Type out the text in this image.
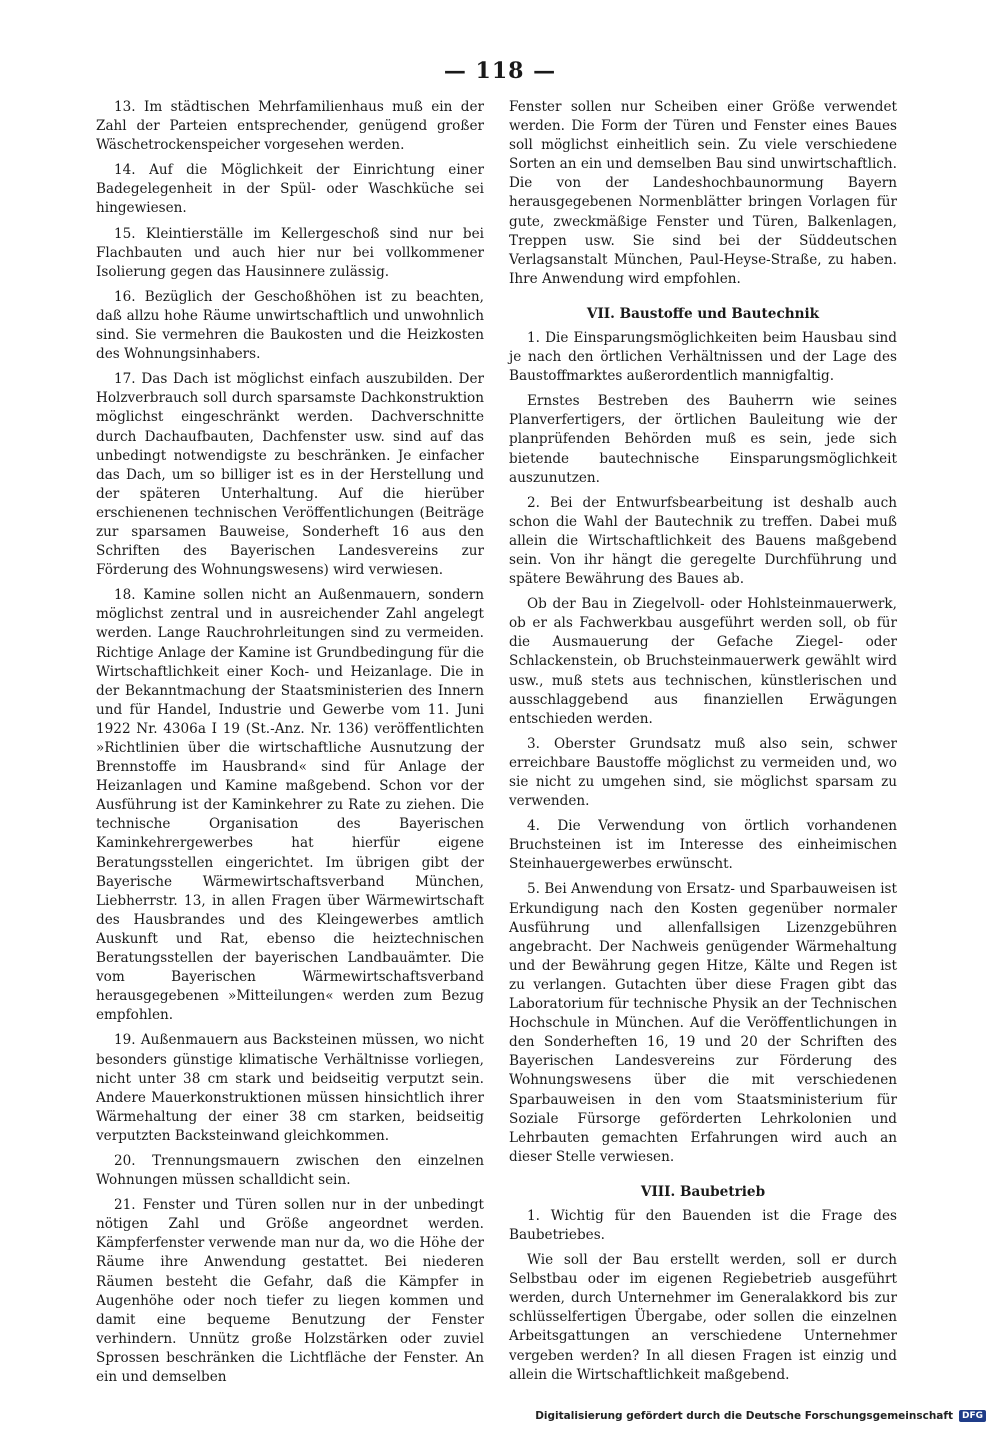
— 118 —

13. Im städtischen Mehrfamilienhaus muß ein der Zahl der Parteien entsprechender, genügend großer Wäschetrockenspeicher vorgesehen werden.

14. Auf die Möglichkeit der Einrichtung einer Badegelegenheit in der Spül- oder Waschküche sei hingewiesen.

15. Kleintierställe im Kellergeschoß sind nur bei Flachbauten und auch hier nur bei vollkommener Isolierung gegen das Hausinnere zulässig.

16. Bezüglich der Geschoßhöhen ist zu beachten, daß allzu hohe Räume unwirtschaftlich und unwohnlich sind. Sie vermehren die Baukosten und die Heizkosten des Wohnungsinhabers.

17. Das Dach ist möglichst einfach auszubilden. Der Holzverbrauch soll durch sparsamste Dachkonstruktion möglichst eingeschränkt werden. Dachverschnitte durch Dachaufbauten, Dachfenster usw. sind auf das unbedingt notwendigste zu beschränken. Je einfacher das Dach, um so billiger ist es in der Herstellung und der späteren Unterhaltung. Auf die hierüber erschienenen technischen Veröffentlichungen (Beiträge zur sparsamen Bauweise, Sonderheft 16 aus den Schriften des Bayerischen Landesvereins zur Förderung des Wohnungswesens) wird verwiesen.

18. Kamine sollen nicht an Außenmauern, sondern möglichst zentral und in ausreichender Zahl angelegt werden. Lange Rauchrohrleitungen sind zu vermeiden. Richtige Anlage der Kamine ist Grundbedingung für die Wirtschaftlichkeit einer Koch- und Heizanlage. Die in der Bekanntmachung der Staatsministerien des Innern und für Handel, Industrie und Gewerbe vom 11. Juni 1922 Nr. 4306a I 19 (St.-Anz. Nr. 136) veröffentlichten »Richtlinien über die wirtschaftliche Ausnutzung der Brennstoffe im Hausbrand« sind für Anlage der Heizanlagen und Kamine maßgebend. Schon vor der Ausführung ist der Kaminkehrer zu Rate zu ziehen. Die technische Organisation des Bayerischen Kaminkehrergewerbes hat hierfür eigene Beratungsstellen eingerichtet. Im übrigen gibt der Bayerische Wärmewirtschaftsverband München, Liebherrstr. 13, in allen Fragen über Wärmewirtschaft des Hausbrandes und des Kleingewerbes amtlich Auskunft und Rat, ebenso die heiztechnischen Beratungsstellen der bayerischen Landbauämter. Die vom Bayerischen Wärmewirtschaftsverband herausgegebenen »Mitteilungen« werden zum Bezug empfohlen.

19. Außenmauern aus Backsteinen müssen, wo nicht besonders günstige klimatische Verhältnisse vorliegen, nicht unter 38 cm stark und beidseitig verputzt sein. Andere Mauerkonstruktionen müssen hinsichtlich ihrer Wärmehaltung der einer 38 cm starken, beidseitig verputzten Backsteinwand gleichkommen.

20. Trennungsmauern zwischen den einzelnen Wohnungen müssen schalldicht sein.

21. Fenster und Türen sollen nur in der unbedingt nötigen Zahl und Größe angeordnet werden. Kämpferfenster verwende man nur da, wo die Höhe der Räume ihre Anwendung gestattet. Bei niederen Räumen besteht die Gefahr, daß die Kämpfer in Augenhöhe oder noch tiefer zu liegen kommen und damit eine bequeme Benutzung der Fenster verhindern. Unnütz große Holzstärken oder zuviel Sprossen beschränken die Lichtfläche der Fenster. An ein und demselben

Fenster sollen nur Scheiben einer Größe verwendet werden. Die Form der Türen und Fenster eines Baues soll möglichst einheitlich sein. Zu viele verschiedene Sorten an ein und demselben Bau sind unwirtschaftlich. Die von der Landeshochbaunormung Bayern herausgegebenen Normenblätter bringen Vorlagen für gute, zweckmäßige Fenster und Türen, Balkenlagen, Treppen usw. Sie sind bei der Süddeutschen Verlagsanstalt München, Paul-Heyse-Straße, zu haben. Ihre Anwendung wird empfohlen.

VII. Baustoffe und Bautechnik

1. Die Einsparungsmöglichkeiten beim Hausbau sind je nach den örtlichen Verhältnissen und der Lage des Baustoffmarktes außerordentlich mannigfaltig.

Ernstes Bestreben des Bauherrn wie seines Planverfertigers, der örtlichen Bauleitung wie der planprüfenden Behörden muß es sein, jede sich bietende bautechnische Einsparungsmöglichkeit auszunutzen.

2. Bei der Entwurfsbearbeitung ist deshalb auch schon die Wahl der Bautechnik zu treffen. Dabei muß allein die Wirtschaftlichkeit des Bauens maßgebend sein. Von ihr hängt die geregelte Durchführung und spätere Bewährung des Baues ab.

Ob der Bau in Ziegelvoll- oder Hohlsteinmauerwerk, ob er als Fachwerkbau ausgeführt werden soll, ob für die Ausmauerung der Gefache Ziegel- oder Schlackenstein, ob Bruchsteinmauerwerk gewählt wird usw., muß stets aus technischen, künstlerischen und ausschlaggebend aus finanziellen Erwägungen entschieden werden.

3. Oberster Grundsatz muß also sein, schwer erreichbare Baustoffe möglichst zu vermeiden und, wo sie nicht zu umgehen sind, sie möglichst sparsam zu verwenden.

4. Die Verwendung von örtlich vorhandenen Bruchsteinen ist im Interesse des einheimischen Steinhauergewerbes erwünscht.

5. Bei Anwendung von Ersatz- und Sparbauweisen ist Erkundigung nach den Kosten gegenüber normaler Ausführung und allenfallsigen Lizenzgebühren angebracht. Der Nachweis genügender Wärmehaltung und der Bewährung gegen Hitze, Kälte und Regen ist zu verlangen. Gutachten über diese Fragen gibt das Laboratorium für technische Physik an der Technischen Hochschule in München. Auf die Veröffentlichungen in den Sonderheften 16, 19 und 20 der Schriften des Bayerischen Landesvereins zur Förderung des Wohnungswesens über die mit verschiedenen Sparbauweisen in den vom Staatsministerium für Soziale Fürsorge geförderten Lehrkolonien und Lehrbauten gemachten Erfahrungen wird auch an dieser Stelle verwiesen.

VIII. Baubetrieb

1. Wichtig für den Bauenden ist die Frage des Baubetriebes.

Wie soll der Bau erstellt werden, soll er durch Selbstbau oder im eigenen Regiebetrieb ausgeführt werden, durch Unternehmer im Generalakkord bis zur schlüsselfertigen Übergabe, oder sollen die einzelnen Arbeitsgattungen an verschiedene Unternehmer vergeben werden? In all diesen Fragen ist einzig und allein die Wirtschaftlichkeit maßgebend.

Digitalisierung gefördert durch die Deutsche Forschungsgemeinschaft	DFG
